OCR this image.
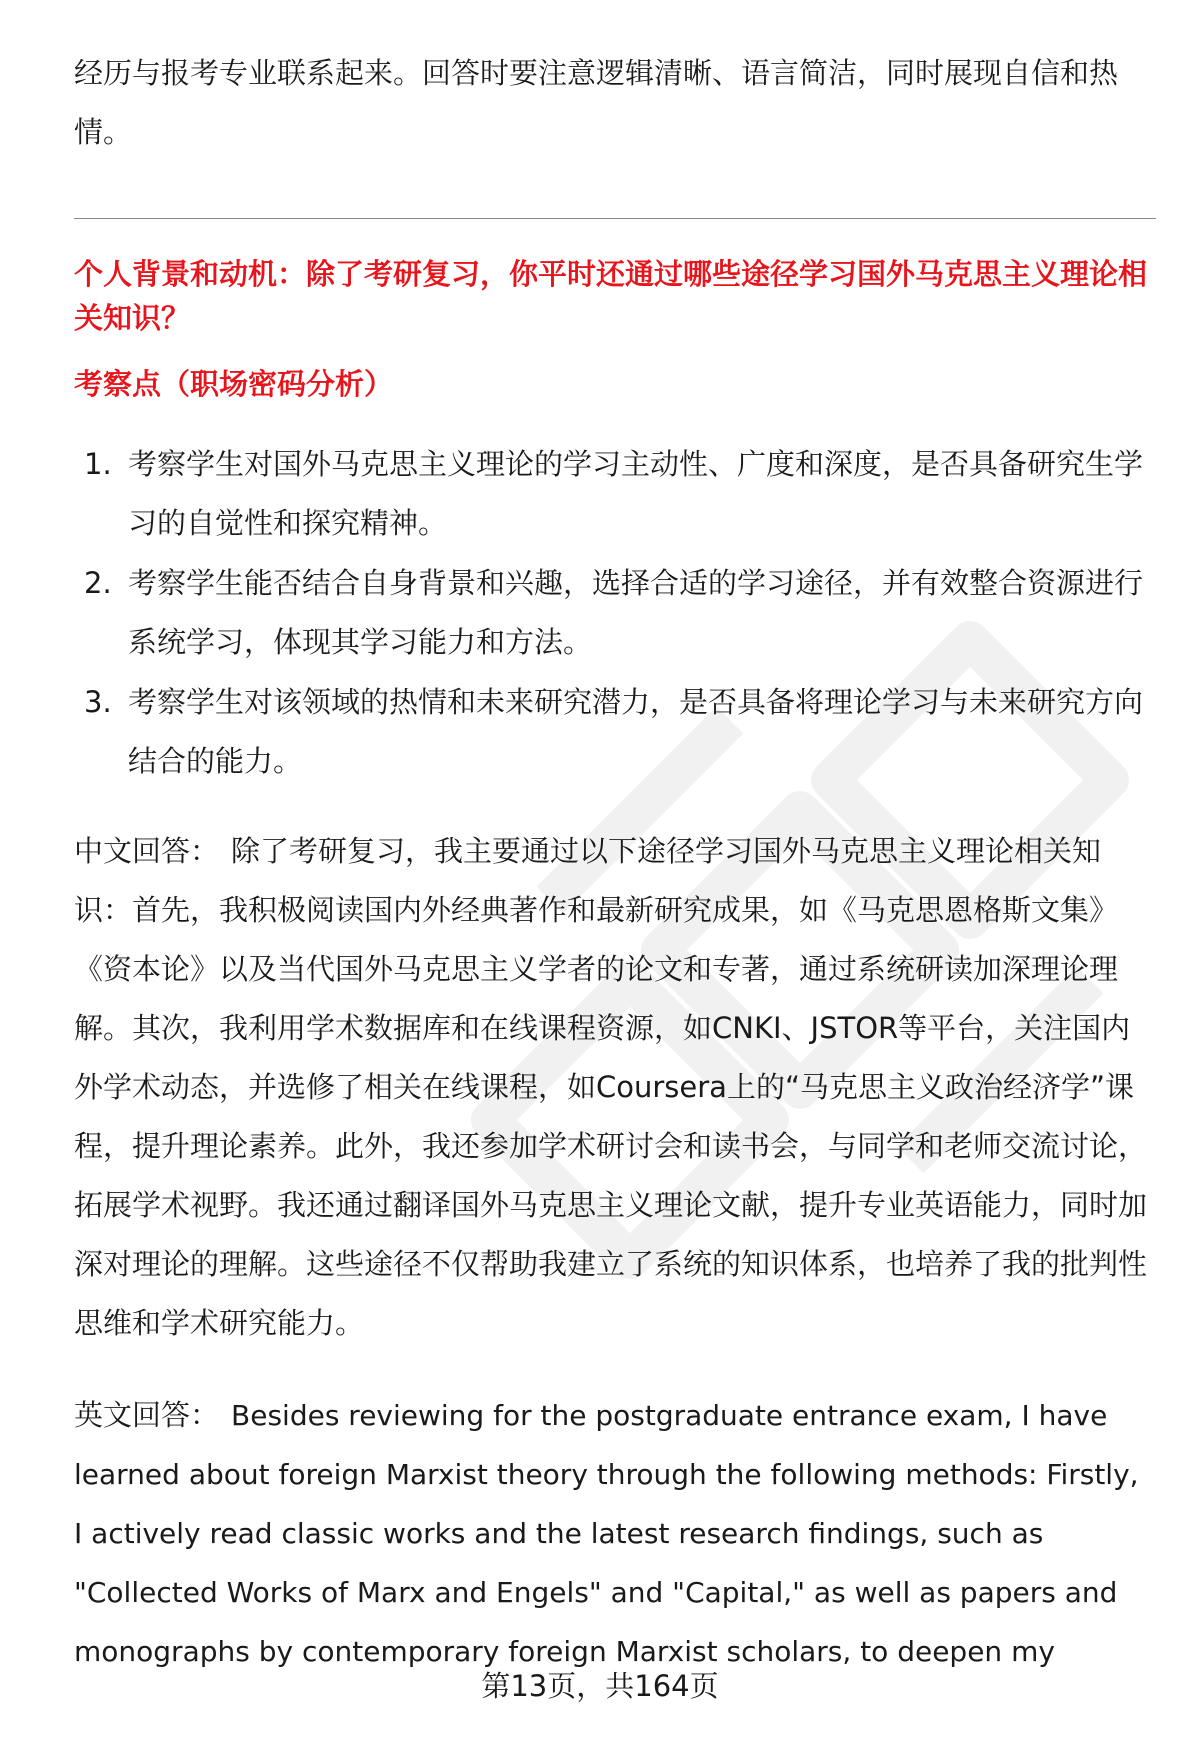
经历与报考专业联系起来。回答时要注意逻辑清晰、语言简洁，同时展现自信和热情。

个人背景和动机：除了考研复习，你平时还通过哪些途径学习国外马克思主义理论相关知识？
考察点（职场密码分析）
1. 考察学生对国外马克思主义理论的学习主动性、广度和深度，是否具备研究生学习的自觉性和探究精神。
2. 考察学生能否结合自身背景和兴趣，选择合适的学习途径，并有效整合资源进行系统学习，体现其学习能力和方法。
3. 考察学生对该领域的热情和未来研究潜力，是否具备将理论学习与未来研究方向结合的能力。

中文回答： 除了考研复习，我主要通过以下途径学习国外马克思主义理论相关知识：首先，我积极阅读国内外经典著作和最新研究成果，如《马克思恩格斯文集》《资本论》以及当代国外马克思主义学者的论文和专著，通过系统研读加深理论理解。其次，我利用学术数据库和在线课程资源，如CNKI、JSTOR等平台，关注国内外学术动态，并选修了相关在线课程，如Coursera上的“马克思主义政治经济学”课程，提升理论素养。此外，我还参加学术研讨会和读书会，与同学和老师交流讨论，拓展学术视野。我还通过翻译国外马克思主义理论文献，提升专业英语能力，同时加深对理论的理解。这些途径不仅帮助我建立了系统的知识体系，也培养了我的批判性思维和学术研究能力。

英文回答： Besides reviewing for the postgraduate entrance exam, I have learned about foreign Marxist theory through the following methods: Firstly, I actively read classic works and the latest research findings, such as "Collected Works of Marx and Engels" and "Capital," as well as papers and monographs by contemporary foreign Marxist scholars, to deepen my

第13页，共164页
